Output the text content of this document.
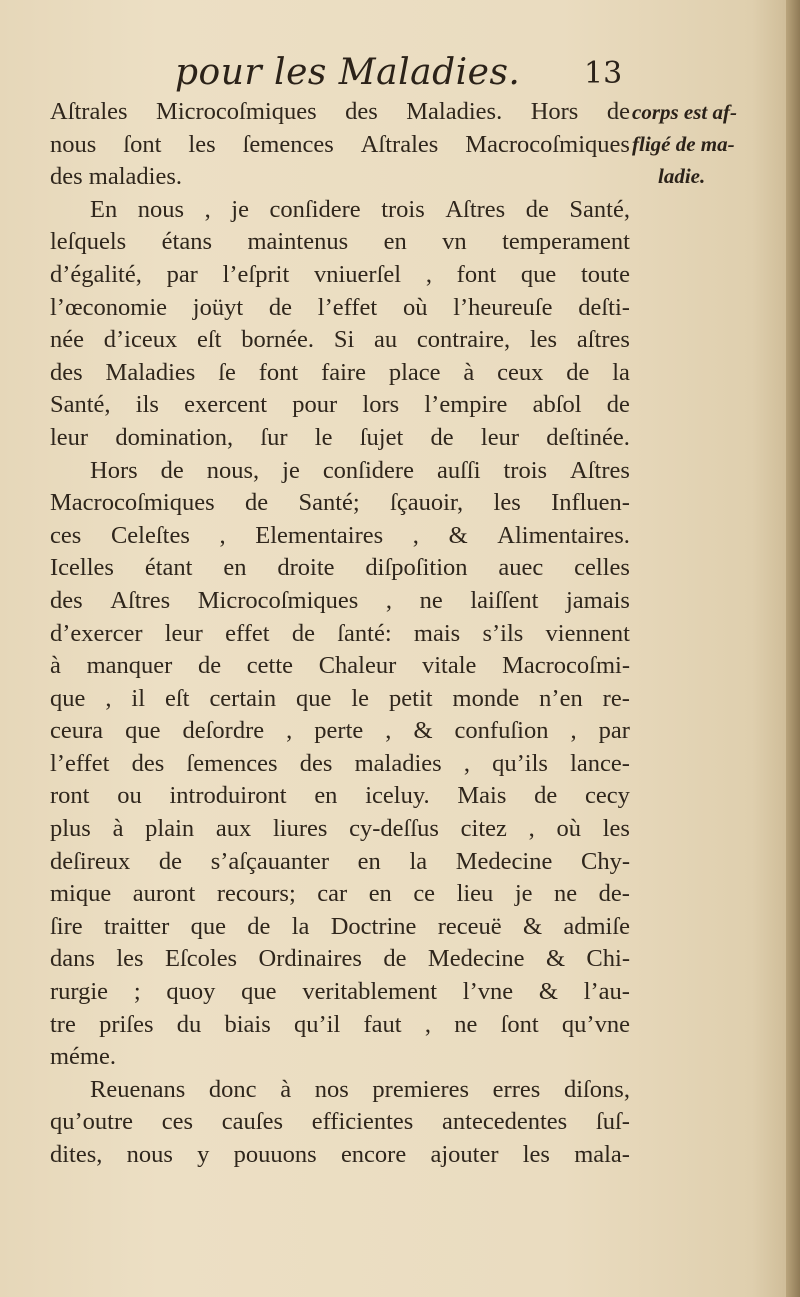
pour les Maladies. 13
corps est af-
fligé de ma-
ladie.
Aſtrales Microcoſmiques des Maladies. Hors de
nous ſont les ſemences Aſtrales Macrocoſmiques
des maladies.
En nous , je conſidere trois Aſtres de Santé,
leſquels étans maintenus en vn temperament
d’égalité, par l’eſprit vniuerſel , font que toute
l’œconomie joüyt de l’effet où l’heureuſe deſti-
née d’iceux eſt bornée. Si au contraire, les aſtres
des Maladies ſe font faire place à ceux de la
Santé, ils exercent pour lors l’empire abſol de
leur domination, ſur le ſujet de leur deſtinée.
Hors de nous, je conſidere auſſi trois Aſtres
Macrocoſmiques de Santé; ſçauoir, les Influen-
ces Celeſtes , Elementaires , & Alimentaires.
Icelles étant en droite diſpoſition auec celles
des Aſtres Microcoſmiques , ne laiſſent jamais
d’exercer leur effet de ſanté: mais s’ils viennent
à manquer de cette Chaleur vitale Macrocoſmi-
que , il eſt certain que le petit monde n’en re-
ceura que deſordre , perte , & confuſion , par
l’effet des ſemences des maladies , qu’ils lance-
ront ou introduiront en iceluy. Mais de cecy
plus à plain aux liures cy-deſſus citez , où les
deſireux de s’aſçauanter en la Medecine Chy-
mique auront recours; car en ce lieu je ne de-
ſire traitter que de la Doctrine receuë & admiſe
dans les Eſcoles Ordinaires de Medecine & Chi-
rurgie ; quoy que veritablement l’vne & l’au-
tre priſes du biais qu’il faut , ne ſont qu’vne
méme.
Reuenans donc à nos premieres erres diſons,
qu’outre ces cauſes efficientes antecedentes ſuſ-
dites, nous y pouuons encore ajouter les mala-
